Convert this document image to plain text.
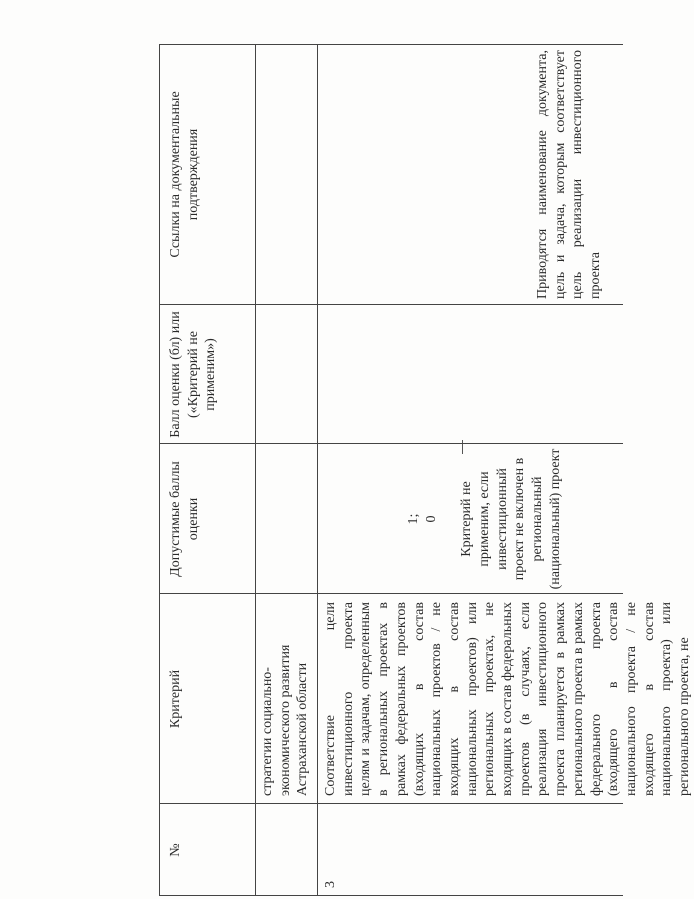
№
Критерий
Допустимые баллы оценки
Балл оценки (бл) или («Критерий не применим»)
Ссылки на документальные подтверждения
стратегии социально-
экономического развития
Астраханской области
3
Соответствие цели инвестиционного проекта целям и задачам, определенным в региональных проектах в рамках федеральных проектов (входящих в состав национальных проектов / не входящих в состав национальных проектов) или региональных проектах, не входящих в состав федеральных проектов (в случаях, если реализация инвестиционного проекта планируется в рамках регионального проекта в рамках федерального проекта (входящего в состав национального проекта / не входящего в состав национального проекта) или регионального проекта, не
1;
0

Критерий не применим, если инвестиционный проект не включен в региональный (национальный) проект
Приводятся наименование документа, цель и задача, которым соответствует цель реализации инвестиционного проекта
